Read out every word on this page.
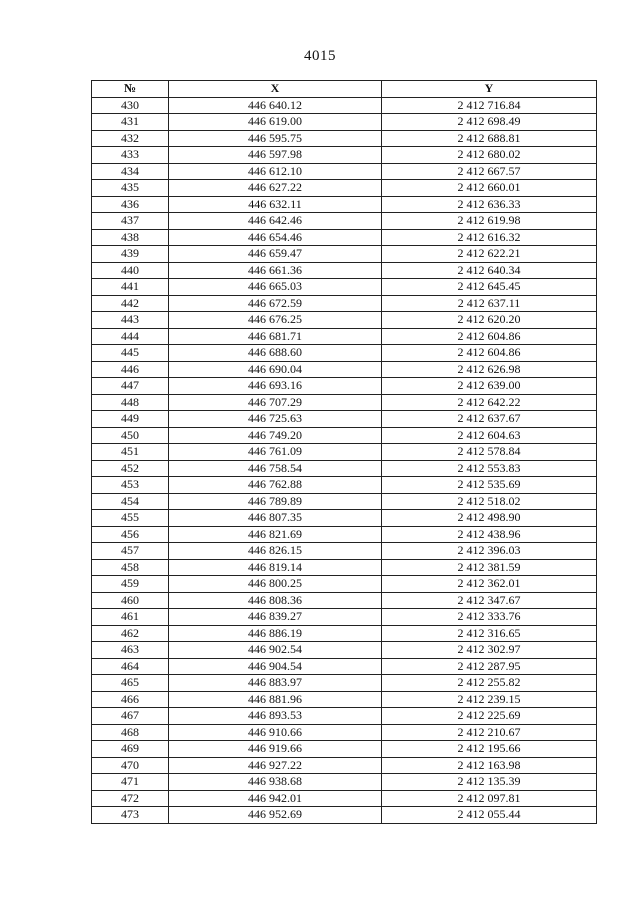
4015
№	X	Y
430	446 640.12	2 412 716.84
431	446 619.00	2 412 698.49
432	446 595.75	2 412 688.81
433	446 597.98	2 412 680.02
434	446 612.10	2 412 667.57
435	446 627.22	2 412 660.01
436	446 632.11	2 412 636.33
437	446 642.46	2 412 619.98
438	446 654.46	2 412 616.32
439	446 659.47	2 412 622.21
440	446 661.36	2 412 640.34
441	446 665.03	2 412 645.45
442	446 672.59	2 412 637.11
443	446 676.25	2 412 620.20
444	446 681.71	2 412 604.86
445	446 688.60	2 412 604.86
446	446 690.04	2 412 626.98
447	446 693.16	2 412 639.00
448	446 707.29	2 412 642.22
449	446 725.63	2 412 637.67
450	446 749.20	2 412 604.63
451	446 761.09	2 412 578.84
452	446 758.54	2 412 553.83
453	446 762.88	2 412 535.69
454	446 789.89	2 412 518.02
455	446 807.35	2 412 498.90
456	446 821.69	2 412 438.96
457	446 826.15	2 412 396.03
458	446 819.14	2 412 381.59
459	446 800.25	2 412 362.01
460	446 808.36	2 412 347.67
461	446 839.27	2 412 333.76
462	446 886.19	2 412 316.65
463	446 902.54	2 412 302.97
464	446 904.54	2 412 287.95
465	446 883.97	2 412 255.82
466	446 881.96	2 412 239.15
467	446 893.53	2 412 225.69
468	446 910.66	2 412 210.67
469	446 919.66	2 412 195.66
470	446 927.22	2 412 163.98
471	446 938.68	2 412 135.39
472	446 942.01	2 412 097.81
473	446 952.69	2 412 055.44
